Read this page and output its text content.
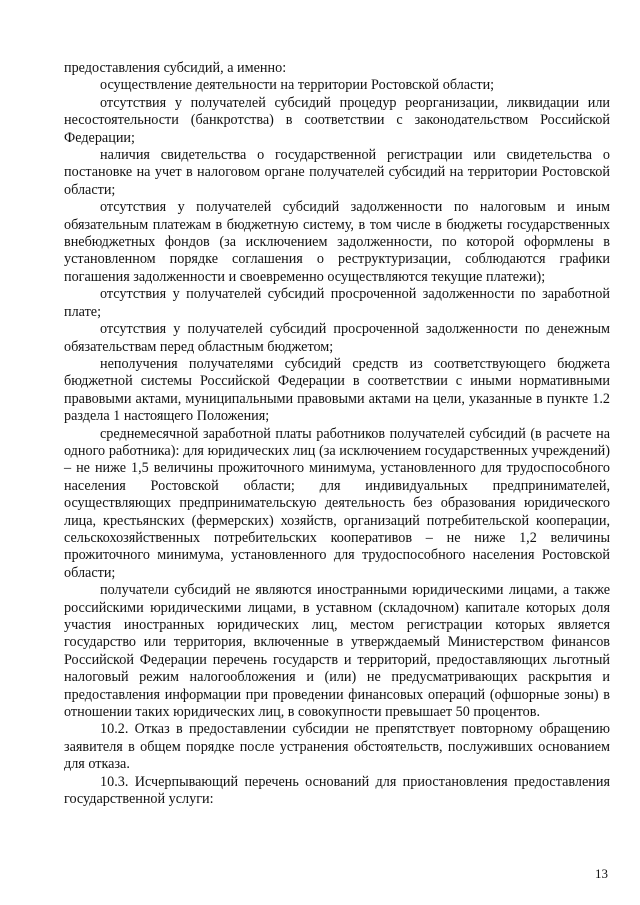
предоставления субсидий, а именно:

осуществление деятельности на территории Ростовской области;

отсутствия у получателей субсидий процедур реорганизации, ликвидации или несостоятельности (банкротства) в соответствии с законодательством Российской Федерации;

наличия свидетельства о государственной регистрации или свидетельства о постановке на учет в налоговом органе получателей субсидий на территории Ростовской области;

отсутствия у получателей субсидий задолженности по налоговым и иным обязательным платежам в бюджетную систему, в том числе в бюджеты государственных внебюджетных фондов (за исключением задолженности, по которой оформлены в установленном порядке соглашения о реструктуризации, соблюдаются графики погашения задолженности и своевременно осуществляются текущие платежи);

отсутствия у получателей субсидий просроченной задолженности по заработной плате;

отсутствия у получателей субсидий просроченной задолженности по денежным обязательствам перед областным бюджетом;

неполучения получателями субсидий средств из соответствующего бюджета бюджетной системы Российской Федерации в соответствии с иными нормативными правовыми актами, муниципальными правовыми актами на цели, указанные в пункте 1.2 раздела 1 настоящего Положения;

среднемесячной заработной платы работников получателей субсидий (в расчете на одного работника): для юридических лиц (за исключением государственных учреждений) – не ниже 1,5 величины прожиточного минимума, установленного для трудоспособного населения Ростовской области; для индивидуальных предпринимателей, осуществляющих предпринимательскую деятельность без образования юридического лица, крестьянских (фермерских) хозяйств, организаций потребительской кооперации, сельскохозяйственных потребительских кооперативов – не ниже 1,2 величины прожиточного минимума, установленного для трудоспособного населения Ростовской области;

получатели субсидий не являются иностранными юридическими лицами, а также российскими юридическими лицами, в уставном (складочном) капитале которых доля участия иностранных юридических лиц, местом регистрации которых является государство или территория, включенные в утверждаемый Министерством финансов Российской Федерации перечень государств и территорий, предоставляющих льготный налоговый режим налогообложения и (или) не предусматривающих раскрытия и предоставления информации при проведении финансовых операций (офшорные зоны) в отношении таких юридических лиц, в совокупности превышает 50 процентов.

10.2. Отказ в предоставлении субсидии не препятствует повторному обращению заявителя в общем порядке после устранения обстоятельств, послуживших основанием для отказа.

10.3. Исчерпывающий перечень оснований для приостановления предоставления государственной услуги:

13
